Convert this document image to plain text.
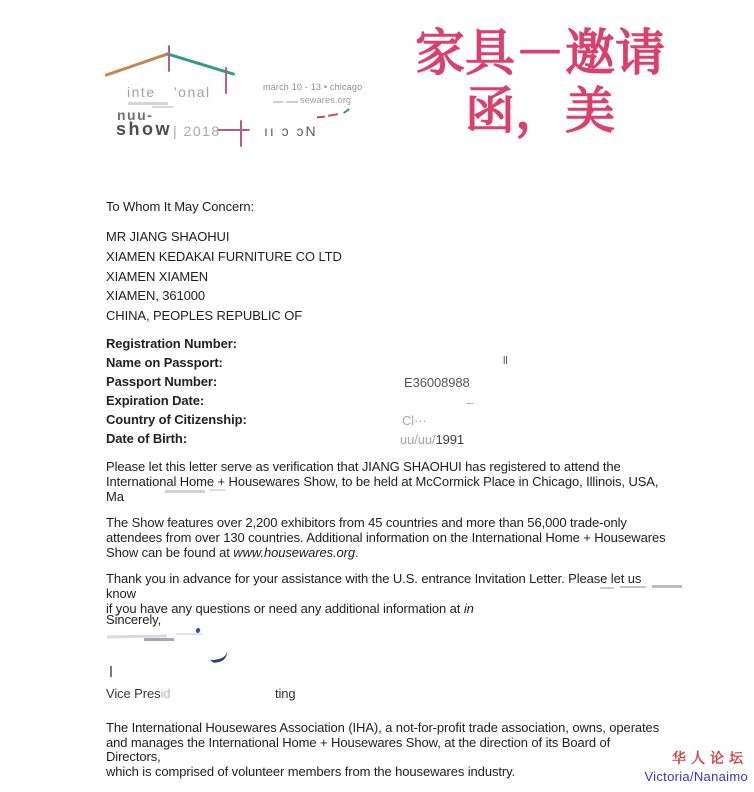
inte 'onal
nuu-
show | 2018	ıı ɔ ɔN
march 10 - 13 • chicago
sewares.org
家具－邀请
函，美
To Whom It May Concern:
MR JIANG SHAOHUI
XIAMEN KEDAKAI FURNITURE CO LTD
XIAMEN XIAMEN
XIAMEN, 361000
CHINA, PEOPLES REPUBLIC OF
Registration Number:
Name on Passport:	ll
Passport Number:	E36008988
Expiration Date:	–
Country of Citizenship:	Cl···
Date of Birth:	uu/uu/1991
Please let this letter serve as verification that JIANG SHAOHUI has registered to attend the
International Home + Housewares Show, to be held at McCormick Place in Chicago, Illinois, USA,
Ma
The Show features over 2,200 exhibitors from 45 countries and more than 56,000 trade-only
attendees from over 130 countries. Additional information on the International Home + Housewares
Show can be found at www.housewares.org.
Thank you in advance for your assistance with the U.S. entrance Invitation Letter. Please let us know
if you have any questions or need any additional information at in
Sincerely,
Vice Presid	ting
The International Housewares Association (IHA), a not-for-profit trade association, owns, operates
and manages the International Home + Housewares Show, at the direction of its Board of Directors,
which is comprised of volunteer members from the housewares industry.
华人论坛
Victoria/Nanaimo
